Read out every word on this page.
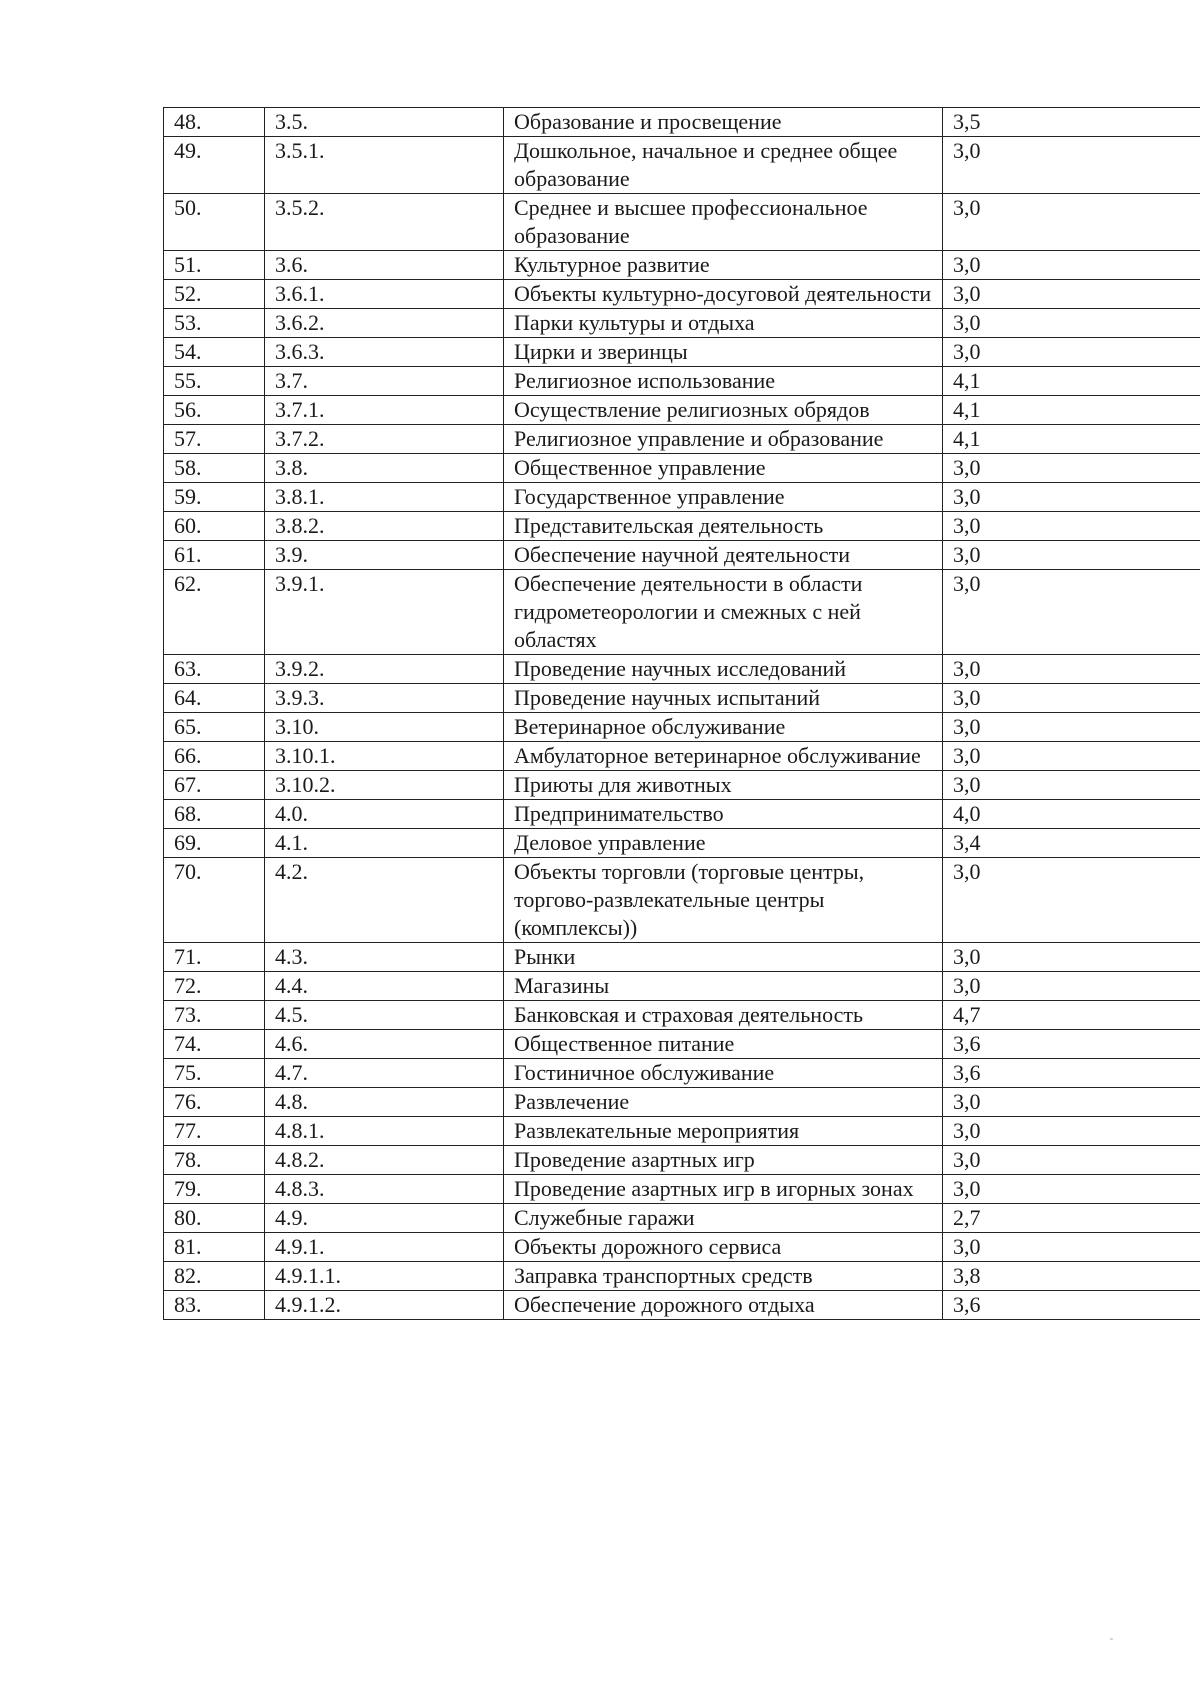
48.	3.5.	Образование и просвещение	3,5

49.	3.5.1.	Дошкольное, начальное и среднее общее образование	3,0

50.	3.5.2.	Среднее и высшее профессиональное образование	3,0

51.	3.6.	Культурное развитие	3,0

52.	3.6.1.	Объекты культурно-досуговой деятельности	3,0

53.	3.6.2.	Парки культуры и отдыха	3,0

54.	3.6.3.	Цирки и зверинцы	3,0

55.	3.7.	Религиозное использование	4,1

56.	3.7.1.	Осуществление религиозных обрядов	4,1

57.	3.7.2.	Религиозное управление и образование	4,1

58.	3.8.	Общественное управление	3,0

59.	3.8.1.	Государственное управление	3,0

60.	3.8.2.	Представительская деятельность	3,0

61.	3.9.	Обеспечение научной деятельности	3,0

62.	3.9.1.	Обеспечение деятельности в области гидрометеорологии и смежных с ней областях	3,0

63.	3.9.2.	Проведение научных исследований	3,0

64.	3.9.3.	Проведение научных испытаний	3,0

65.	3.10.	Ветеринарное обслуживание	3,0

66.	3.10.1.	Амбулаторное ветеринарное обслуживание	3,0

67.	3.10.2.	Приюты для животных	3,0

68.	4.0.	Предпринимательство	4,0

69.	4.1.	Деловое управление	3,4

70.	4.2.	Объекты торговли (торговые центры, торгово-развлекательные центры (комплексы))	3,0

71.	4.3.	Рынки	3,0

72.	4.4.	Магазины	3,0

73.	4.5.	Банковская и страховая деятельность	4,7

74.	4.6.	Общественное питание	3,6

75.	4.7.	Гостиничное обслуживание	3,6

76.	4.8.	Развлечение	3,0

77.	4.8.1.	Развлекательные мероприятия	3,0

78.	4.8.2.	Проведение азартных игр	3,0

79.	4.8.3.	Проведение азартных игр в игорных зонах	3,0

80.	4.9.	Служебные гаражи	2,7

81.	4.9.1.	Объекты дорожного сервиса	3,0

82.	4.9.1.1.	Заправка транспортных средств	3,8

83.	4.9.1.2.	Обеспечение дорожного отдыха	3,6
